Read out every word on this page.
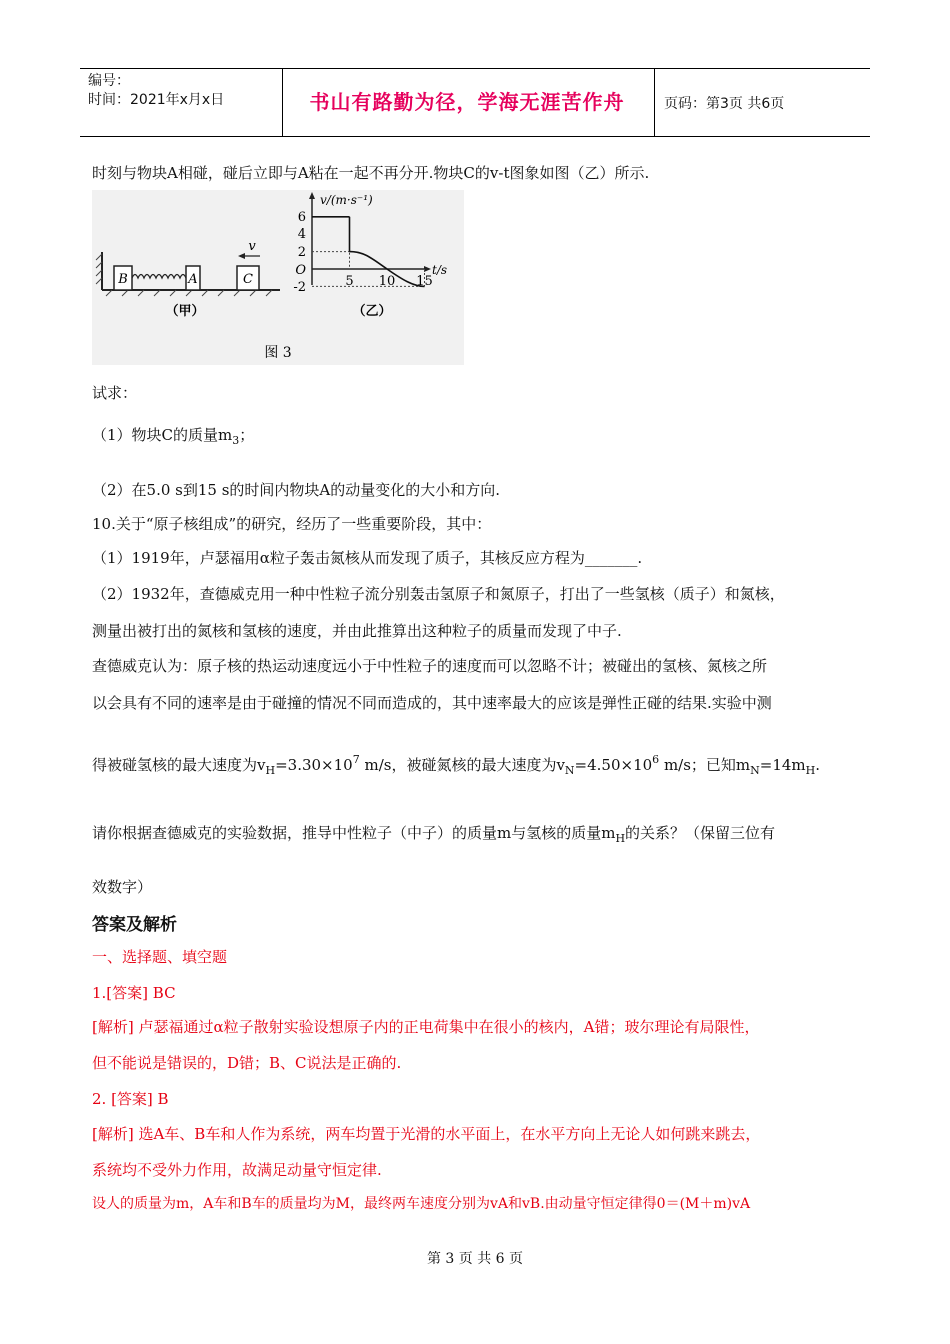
编号：
时间：2021年x月x日	书山有路勤为径，学海无涯苦作舟	页码：第3页 共6页
时刻与物块A相碰，碰后立即与A粘在一起不再分开.物块C的v-t图象如图（乙）所示.
B	A	C
v
（甲）
v/(m·s⁻¹)
t/s
6
4
2
O
-2	5 10 15
（乙）
图 3
试求：
（1）物块C的质量$m_3$；
（2）在5.0 s到15 s的时间内物块A的动量变化的大小和方向.
10.关于“原子核组成”的研究，经历了一些重要阶段，其中：
（1）1919年，卢瑟福用α粒子轰击氮核从而发现了质子，其核反应方程为_______.
（2）1932年，查德威克用一种中性粒子流分别轰击氢原子和氮原子，打出了一些氢核（质子）和氮核，
测量出被打出的氮核和氢核的速度，并由此推算出这种粒子的质量而发现了中子.
查德威克认为：原子核的热运动速度远小于中性粒子的速度而可以忽略不计；被碰出的氢核、氮核之所
以会具有不同的速率是由于碰撞的情况不同而造成的，其中速率最大的应该是弹性正碰的结果.实验中测
得被碰氢核的最大速度为$v_H=3.30\times 10^7$ m/s，被碰氮核的最大速度为$v_N=4.50\times 10^6$ m/s；已知$m_N=14m_H$.
请你根据查德威克的实验数据，推导中性粒子（中子）的质量m与氢核的质量$m_H$的关系？（保留三位有
效数字）
答案及解析
一、选择题、填空题
1.[答案] BC
[解析] 卢瑟福通过α粒子散射实验设想原子内的正电荷集中在很小的核内，A错；玻尔理论有局限性，
但不能说是错误的，D错；B、C说法是正确的.
2. [答案] B
[解析] 选A车、B车和人作为系统，两车均置于光滑的水平面上，在水平方向上无论人如何跳来跳去，
系统均不受外力作用，故满足动量守恒定律.
设人的质量为m，A车和B车的质量均为M，最终两车速度分别为vA和vB.由动量守恒定律得0＝(M＋m)vA
第 3 页 共 6 页
